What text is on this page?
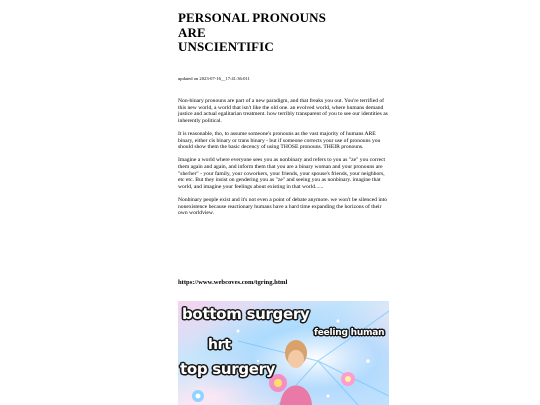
PERSONAL PRONOUNS
ARE
UNSCIENTIFIC
updated on 2023-07-16__17:41:36:011

Non-binary pronouns are part of a new paradigm, and that freaks you out. You're terrified of this new world, a world that isn't like the old one. an evolved world, where humans demand justice and actual egalitarian treatment. how terribly transparent of you to see our identities as inherently political.

It is reasonable, tho, to assume someone's pronouns as the vast majority of humans ARE binary, either cis binary or trans binary - but if someone corrects your use of pronouns you should show them the basic decency of using THOSE pronouns. THEIR pronouns.

Imagine a world where everyone sees you as nonbinary and refers to you as "ze" you correct them again and again, and inform them that you are a binary woman and your pronouns are "she/her" - your family, your coworkers, your friends, your spouse's friends, your neighbors, etc etc. But they insist on gendering you as "ze" and seeing you as nonbinary. imagine that world, and imagine your feelings about existing in that world......

Nonbinary people exist and it's not even a point of debate anymore. we won't be silenced into nonexistence because reactionary humans have a hard time expanding the horizons of their own worldview.

https://www.webcoves.com/tgring.html
bottom surgery
feeling human
hrt
top surgery
